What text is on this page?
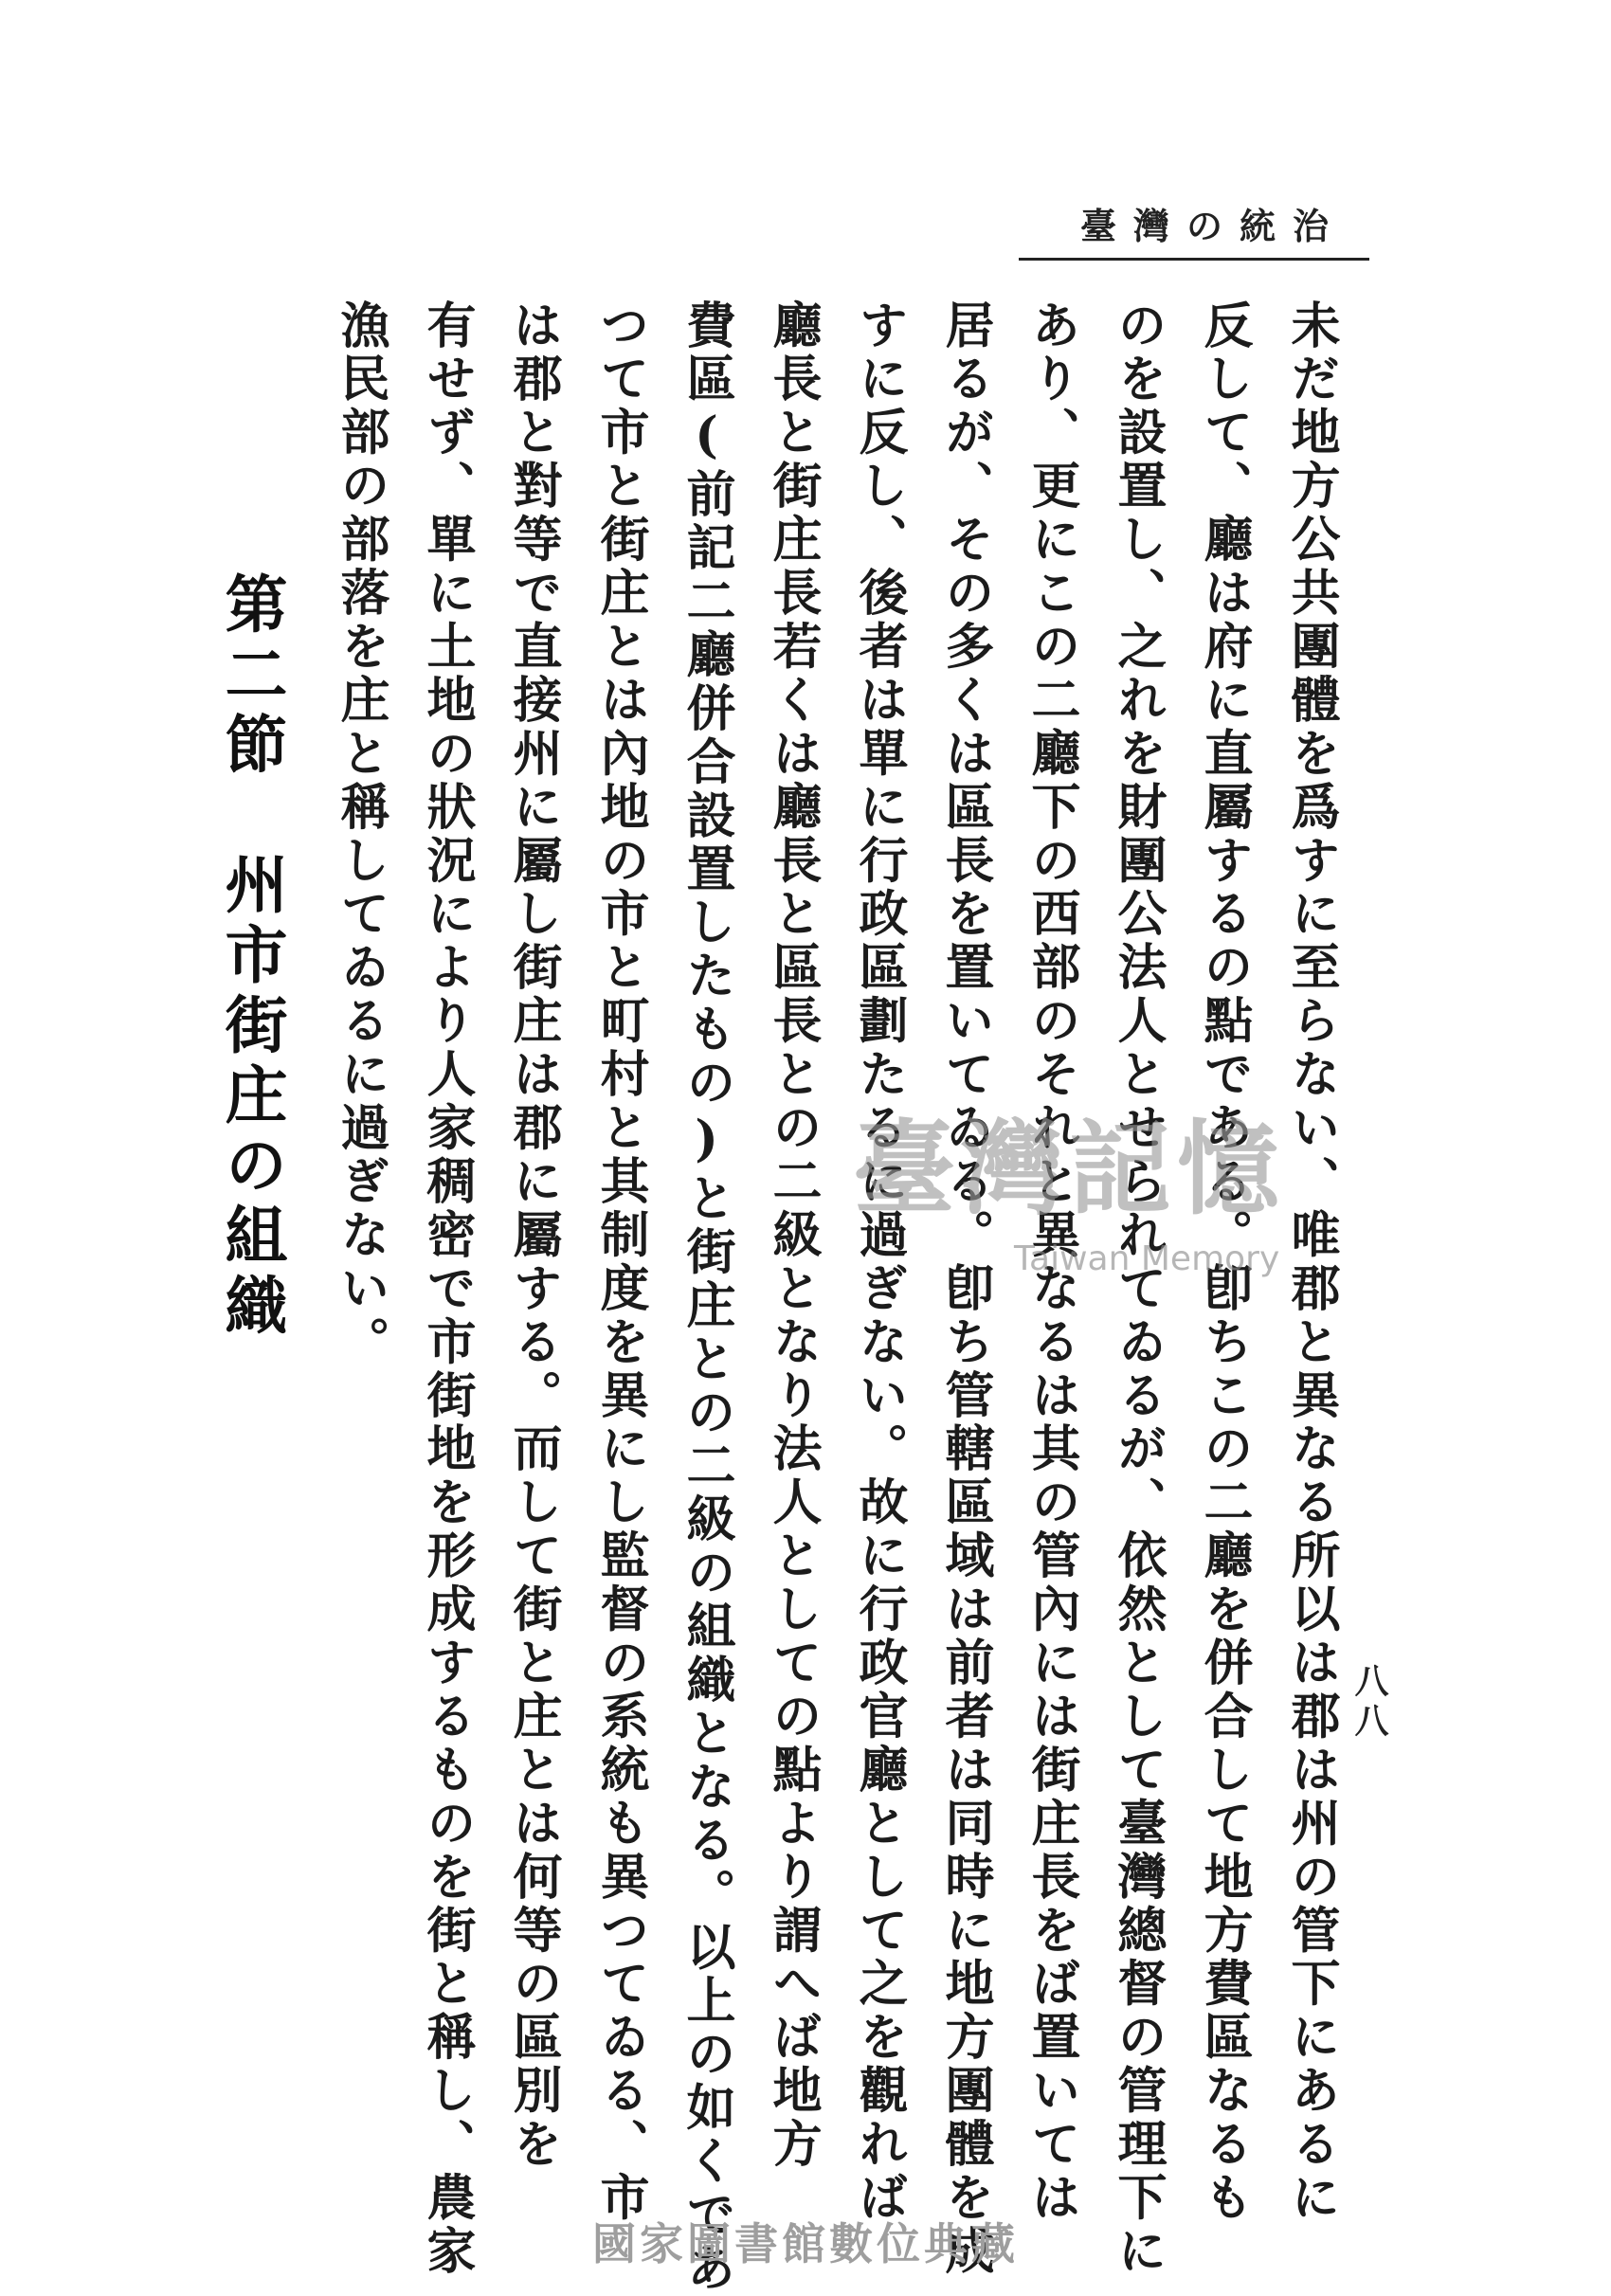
臺灣の統治
八八
未だ地方公共團體を爲すに至らない、唯郡と異なる所以は郡は州の管下にあるに
反して、廳は府に直屬するの點である。卽ちこの二廳を併合して地方費區なるも
のを設置し、之れを財團公法人とせられてゐるが、依然として臺灣總督の管理下に
あり、更にこの二廳下の西部のそれと異なるは其の管內には街庄長をば置いては
居るが、その多くは區長を置いてゐる。卽ち管轄區域は前者は同時に地方團體を成
すに反し、後者は單に行政區劃たるに過ぎない。故に行政官廳として之を觀れば
廳長と街庄長若くは廳長と區長との二級となり法人としての點より謂へば地方
費區(前記二廳併合設置したもの)と街庄との二級の組織となる。以上の如くであ
つて市と街庄とは內地の市と町村と其制度を異にし監督の系統も異つてゐる、市
は郡と對等で直接州に屬し街庄は郡に屬する。而して街と庄とは何等の區別を
有せず、單に土地の狀況により人家稠密で市街地を形成するものを街と稱し、農家
漁民部の部落を庄と稱してゐるに過ぎない。
第二節　州市街庄の組織	臺灣記憶
Taiwan Memory
國家圖書館數位典藏
